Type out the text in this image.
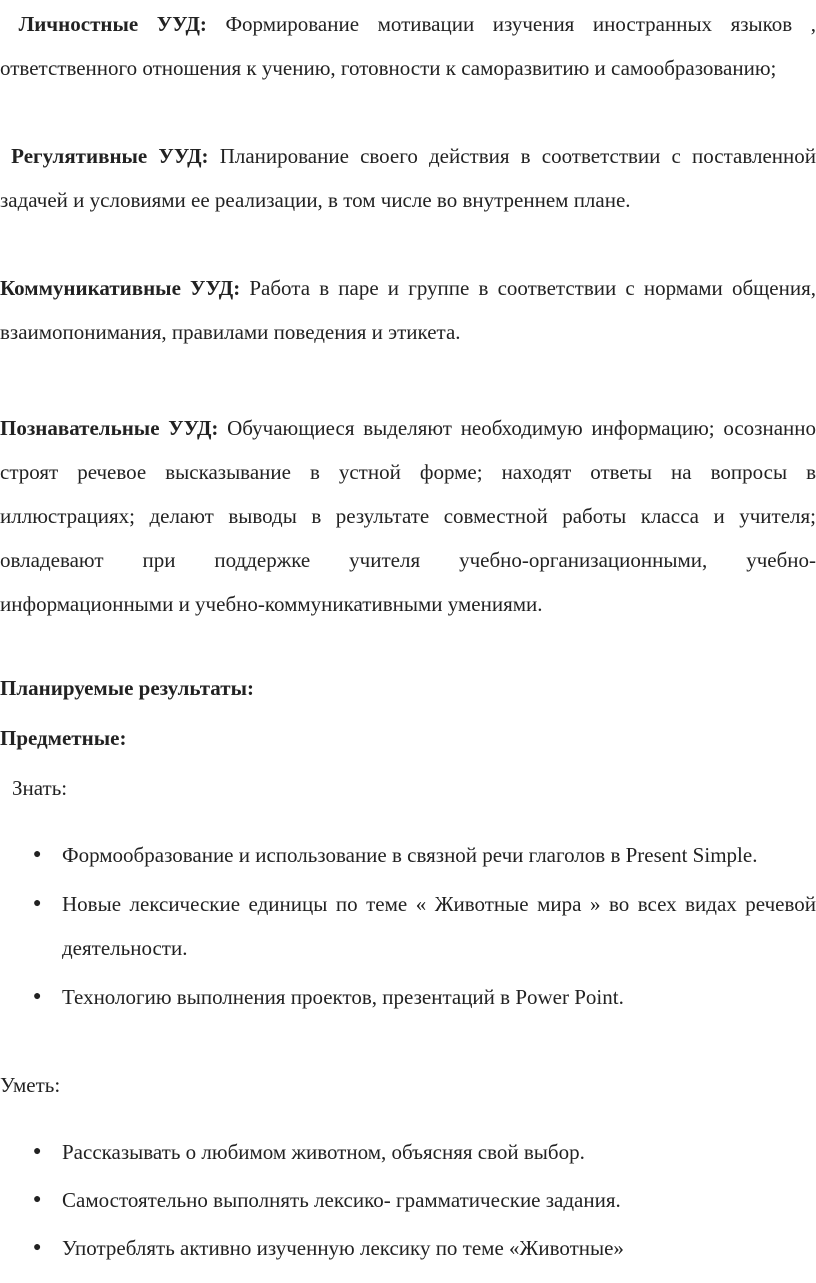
Личностные УУД: Формирование мотивации изучения иностранных языков , ответственного отношения к учению, готовности к саморазвитию и самообразованию;

Регулятивные УУД: Планирование своего действия в соответствии с поставленной задачей и условиями ее реализации, в том числе во внутреннем плане.

Коммуникативные УУД: Работа в паре и группе в соответствии с нормами общения, взаимопонимания, правилами поведения и этикета.

Познавательные УУД: Обучающиеся выделяют необходимую информацию; осознанно строят речевое высказывание в устной форме; находят ответы на вопросы в иллюстрациях; делают выводы в результате совместной работы класса и учителя; овладевают при поддержке учителя учебно-организационными, учебно-информационными и учебно-коммуникативными умениями.

Планируемые результаты:

Предметные:

Знать:

● Формообразование и использование в связной речи глаголов в Present Simple.
● Новые лексические единицы по теме « Животные мира » во всех видах речевой деятельности.
● Технологию выполнения проектов, презентаций в Power Point.

Уметь:

● Рассказывать о любимом животном, объясняя свой выбор.
● Самостоятельно выполнять лексико- грамматические задания.
● Употреблять активно изученную лексику по теме «Животные»
